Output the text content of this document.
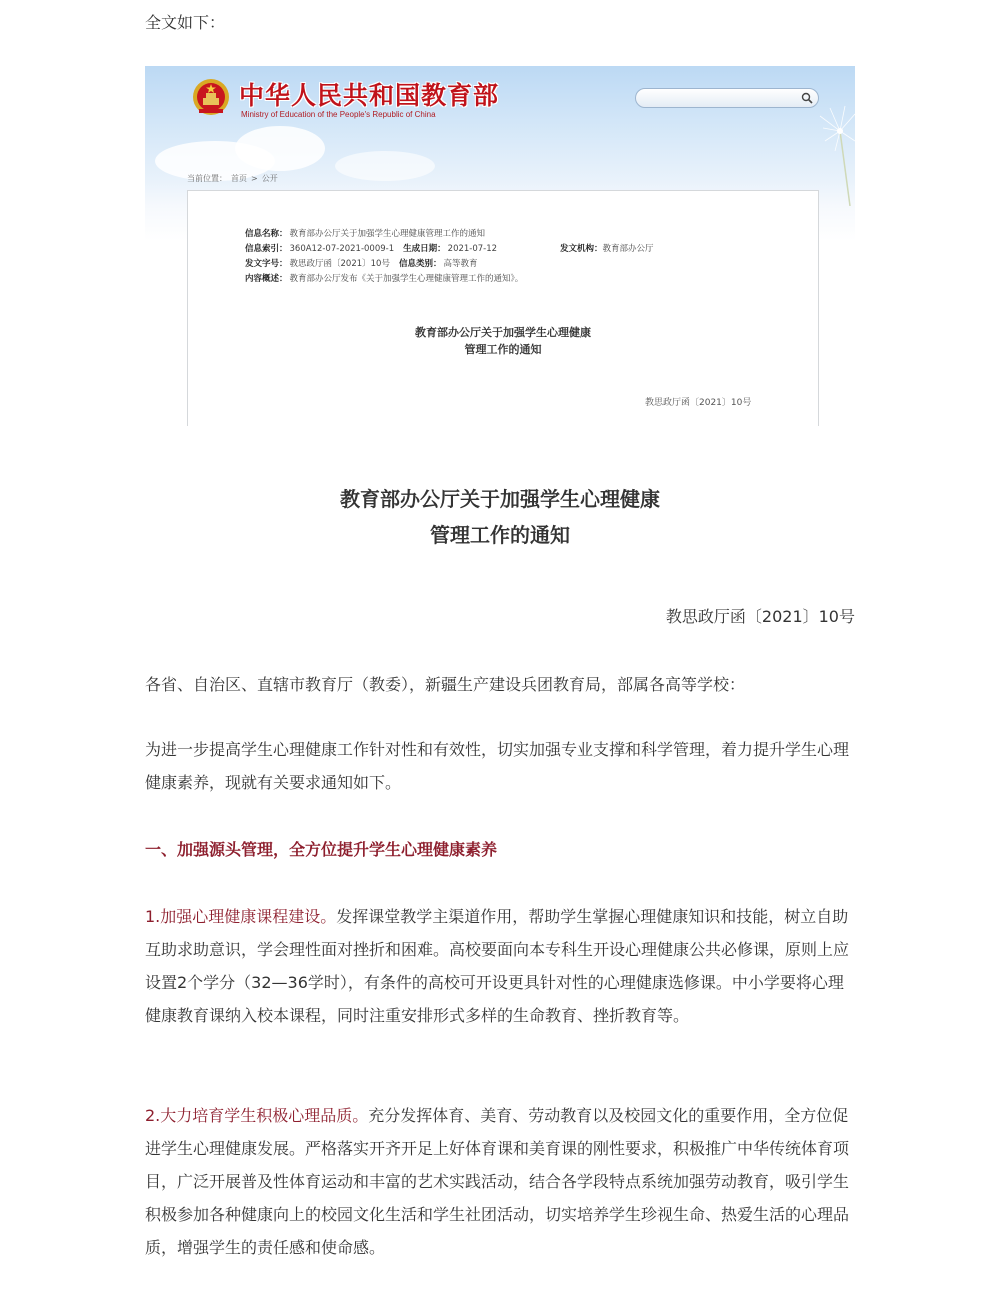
全文如下：
中华人民共和国教育部
Ministry of Education of the People's Republic of China
当前位置： 首页 > 公开
信息名称： 教育部办公厅关于加强学生心理健康管理工作的通知
信息索引： 360A12-07-2021-0009-1 生成日期： 2021-07-12	发文机构：教育部办公厅
发文字号： 教思政厅函〔2021〕10号 信息类别： 高等教育
内容概述： 教育部办公厅发布《关于加强学生心理健康管理工作的通知》。
教育部办公厅关于加强学生心理健康
管理工作的通知
教思政厅函〔2021〕10号
教育部办公厅关于加强学生心理健康
管理工作的通知
教思政厅函〔2021〕10号

各省、自治区、直辖市教育厅（教委），新疆生产建设兵团教育局，部属各高等学校：

为进一步提高学生心理健康工作针对性和有效性，切实加强专业支撑和科学管理，着力提升学生心理健康素养，现就有关要求通知如下。

一、加强源头管理，全方位提升学生心理健康素养

1.加强心理健康课程建设。发挥课堂教学主渠道作用，帮助学生掌握心理健康知识和技能，树立自助互助求助意识，学会理性面对挫折和困难。高校要面向本专科生开设心理健康公共必修课，原则上应设置2个学分（32—36学时），有条件的高校可开设更具针对性的心理健康选修课。中小学要将心理健康教育课纳入校本课程，同时注重安排形式多样的生命教育、挫折教育等。

2.大力培育学生积极心理品质。充分发挥体育、美育、劳动教育以及校园文化的重要作用，全方位促进学生心理健康发展。严格落实开齐开足上好体育课和美育课的刚性要求，积极推广中华传统体育项目，广泛开展普及性体育运动和丰富的艺术实践活动，结合各学段特点系统加强劳动教育，吸引学生积极参加各种健康向上的校园文化生活和学生社团活动，切实培养学生珍视生命、热爱生活的心理品质，增强学生的责任感和使命感。
